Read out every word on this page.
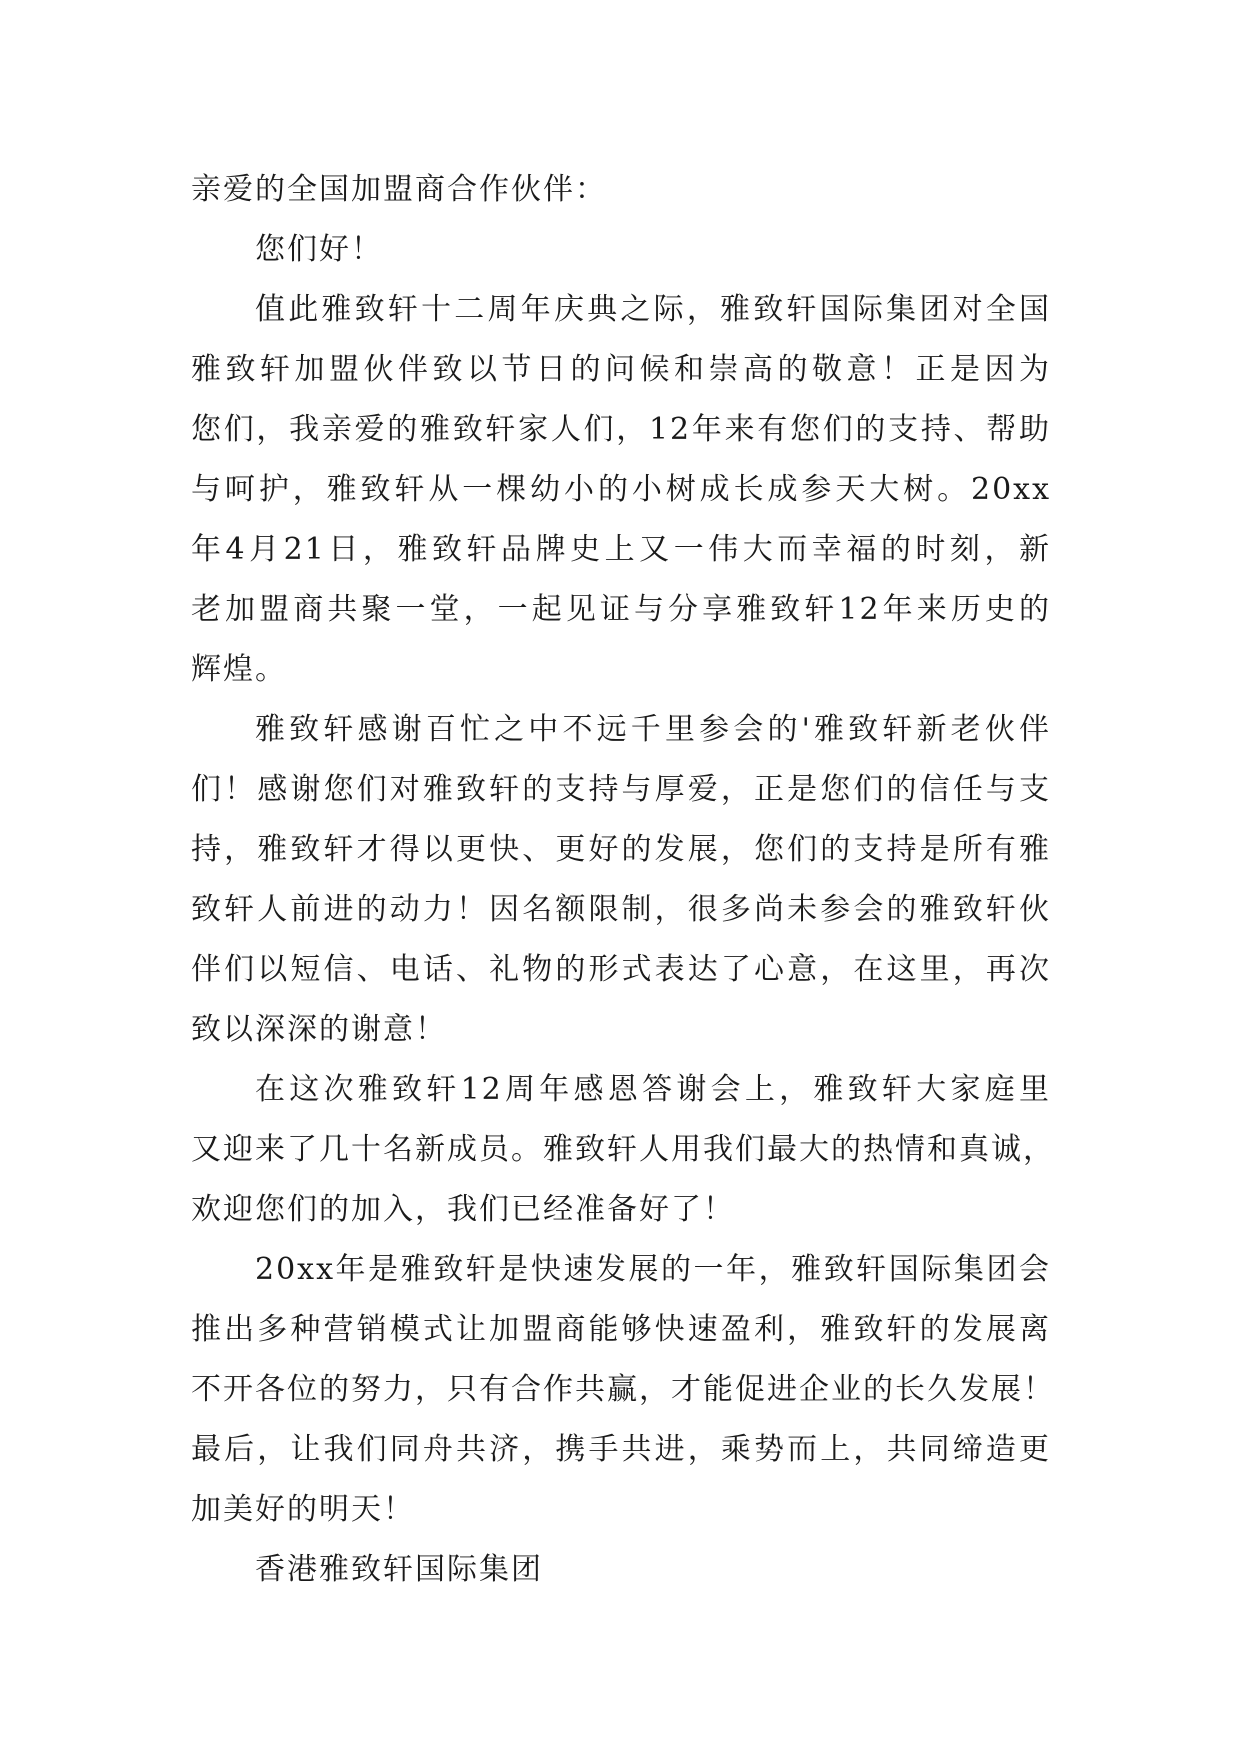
亲爱的全国加盟商合作伙伴：
您们好！
值此雅致轩十二周年庆典之际，雅致轩国际集团对全国
雅致轩加盟伙伴致以节日的问候和崇高的敬意！正是因为
您们，我亲爱的雅致轩家人们，12年来有您们的支持、帮助
与呵护，雅致轩从一棵幼小的小树成长成参天大树。20xx
年4月21日，雅致轩品牌史上又一伟大而幸福的时刻，新
老加盟商共聚一堂，一起见证与分享雅致轩12年来历史的
辉煌。
雅致轩感谢百忙之中不远千里参会的'雅致轩新老伙伴
们！感谢您们对雅致轩的支持与厚爱，正是您们的信任与支
持，雅致轩才得以更快、更好的发展，您们的支持是所有雅
致轩人前进的动力！因名额限制，很多尚未参会的雅致轩伙
伴们以短信、电话、礼物的形式表达了心意，在这里，再次
致以深深的谢意！
在这次雅致轩12周年感恩答谢会上，雅致轩大家庭里
又迎来了几十名新成员。雅致轩人用我们最大的热情和真诚，
欢迎您们的加入，我们已经准备好了！
20xx年是雅致轩是快速发展的一年，雅致轩国际集团会
推出多种营销模式让加盟商能够快速盈利，雅致轩的发展离
不开各位的努力，只有合作共赢，才能促进企业的长久发展！
最后，让我们同舟共济，携手共进，乘势而上，共同缔造更
加美好的明天！
香港雅致轩国际集团
